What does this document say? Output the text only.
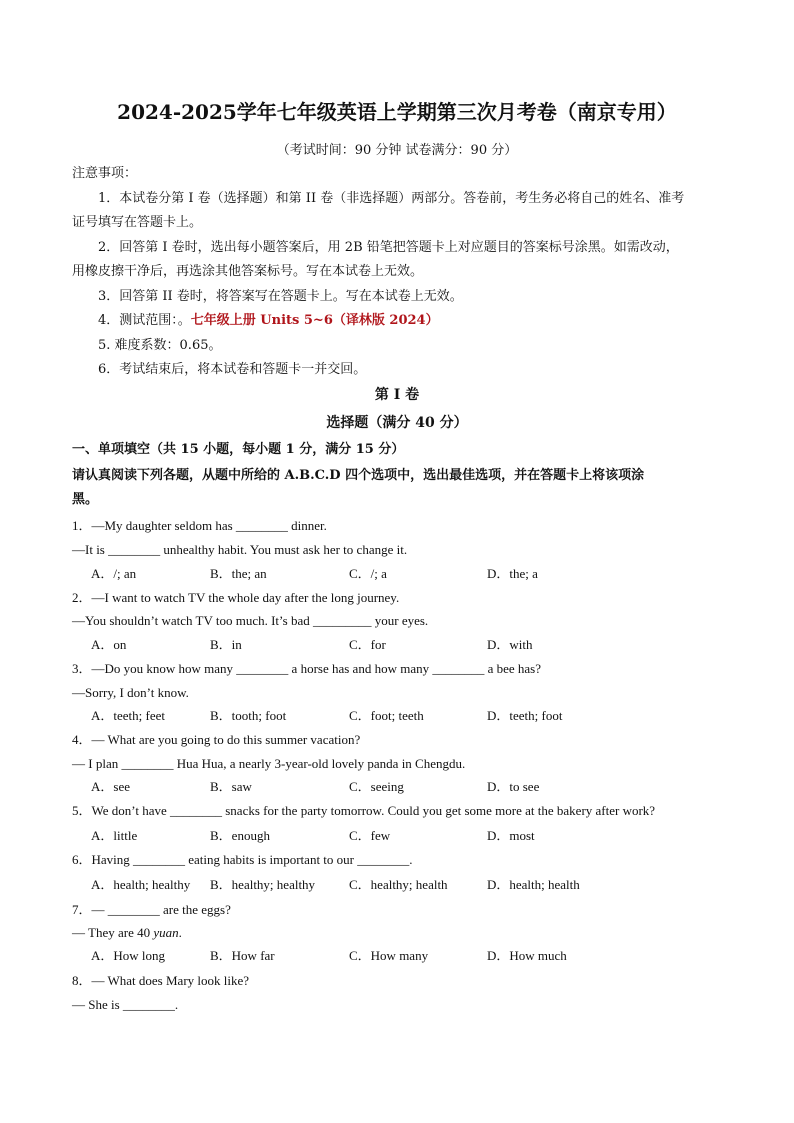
2024-2025学年七年级英语上学期第三次月考卷（南京专用）
（考试时间：90 分钟 试卷满分：90 分）
注意事项：
1．本试卷分第 I 卷（选择题）和第 II 卷（非选择题）两部分。答卷前，考生务必将自己的姓名、准考
证号填写在答题卡上。
2．回答第 I 卷时，选出每小题答案后，用 2B 铅笔把答题卡上对应题目的答案标号涂黑。如需改动，
用橡皮擦干净后，再选涂其他答案标号。写在本试卷上无效。
3．回答第 II 卷时，将答案写在答题卡上。写在本试卷上无效。
4．测试范围：。七年级上册 Units 5~6（译林版 2024）
5. 难度系数：0.65。
6．考试结束后，将本试卷和答题卡一并交回。
第 I 卷
选择题（满分 40 分）
一、单项填空（共 15 小题，每小题 1 分，满分 15 分）
请认真阅读下列各题，从题中所给的 A.B.C.D 四个选项中，选出最佳选项，并在答题卡上将该项涂
黑。
1．—My daughter seldom has ________ dinner.
—It is ________ unhealthy habit. You must ask her to change it.
A．/; an	B．the; an	C．/; a	D．the; a
2．—I want to watch TV the whole day after the long journey.
—You shouldn’t watch TV too much. It’s bad _________ your eyes.
A．on	B．in	C．for	D．with
3．—Do you know how many ________ a horse has and how many ________ a bee has?
—Sorry, I don’t know.
A．teeth; feet	B．tooth; foot	C．foot; teeth	D．teeth; foot
4．— What are you going to do this summer vacation?
— I plan ________ Hua Hua, a nearly 3-year-old lovely panda in Chengdu.
A．see	B．saw	C．seeing	D．to see
5．We don’t have ________ snacks for the party tomorrow. Could you get some more at the bakery after work?
A．little	B．enough	C．few	D．most
6．Having ________ eating habits is important to our ________.
A．health; healthy B．healthy; healthy	C．healthy; health	D．health; health
7．— ________ are the eggs?
— They are 40 yuan.
A．How long	B．How far	C．How many	D．How much
8．— What does Mary look like?
— She is ________.
